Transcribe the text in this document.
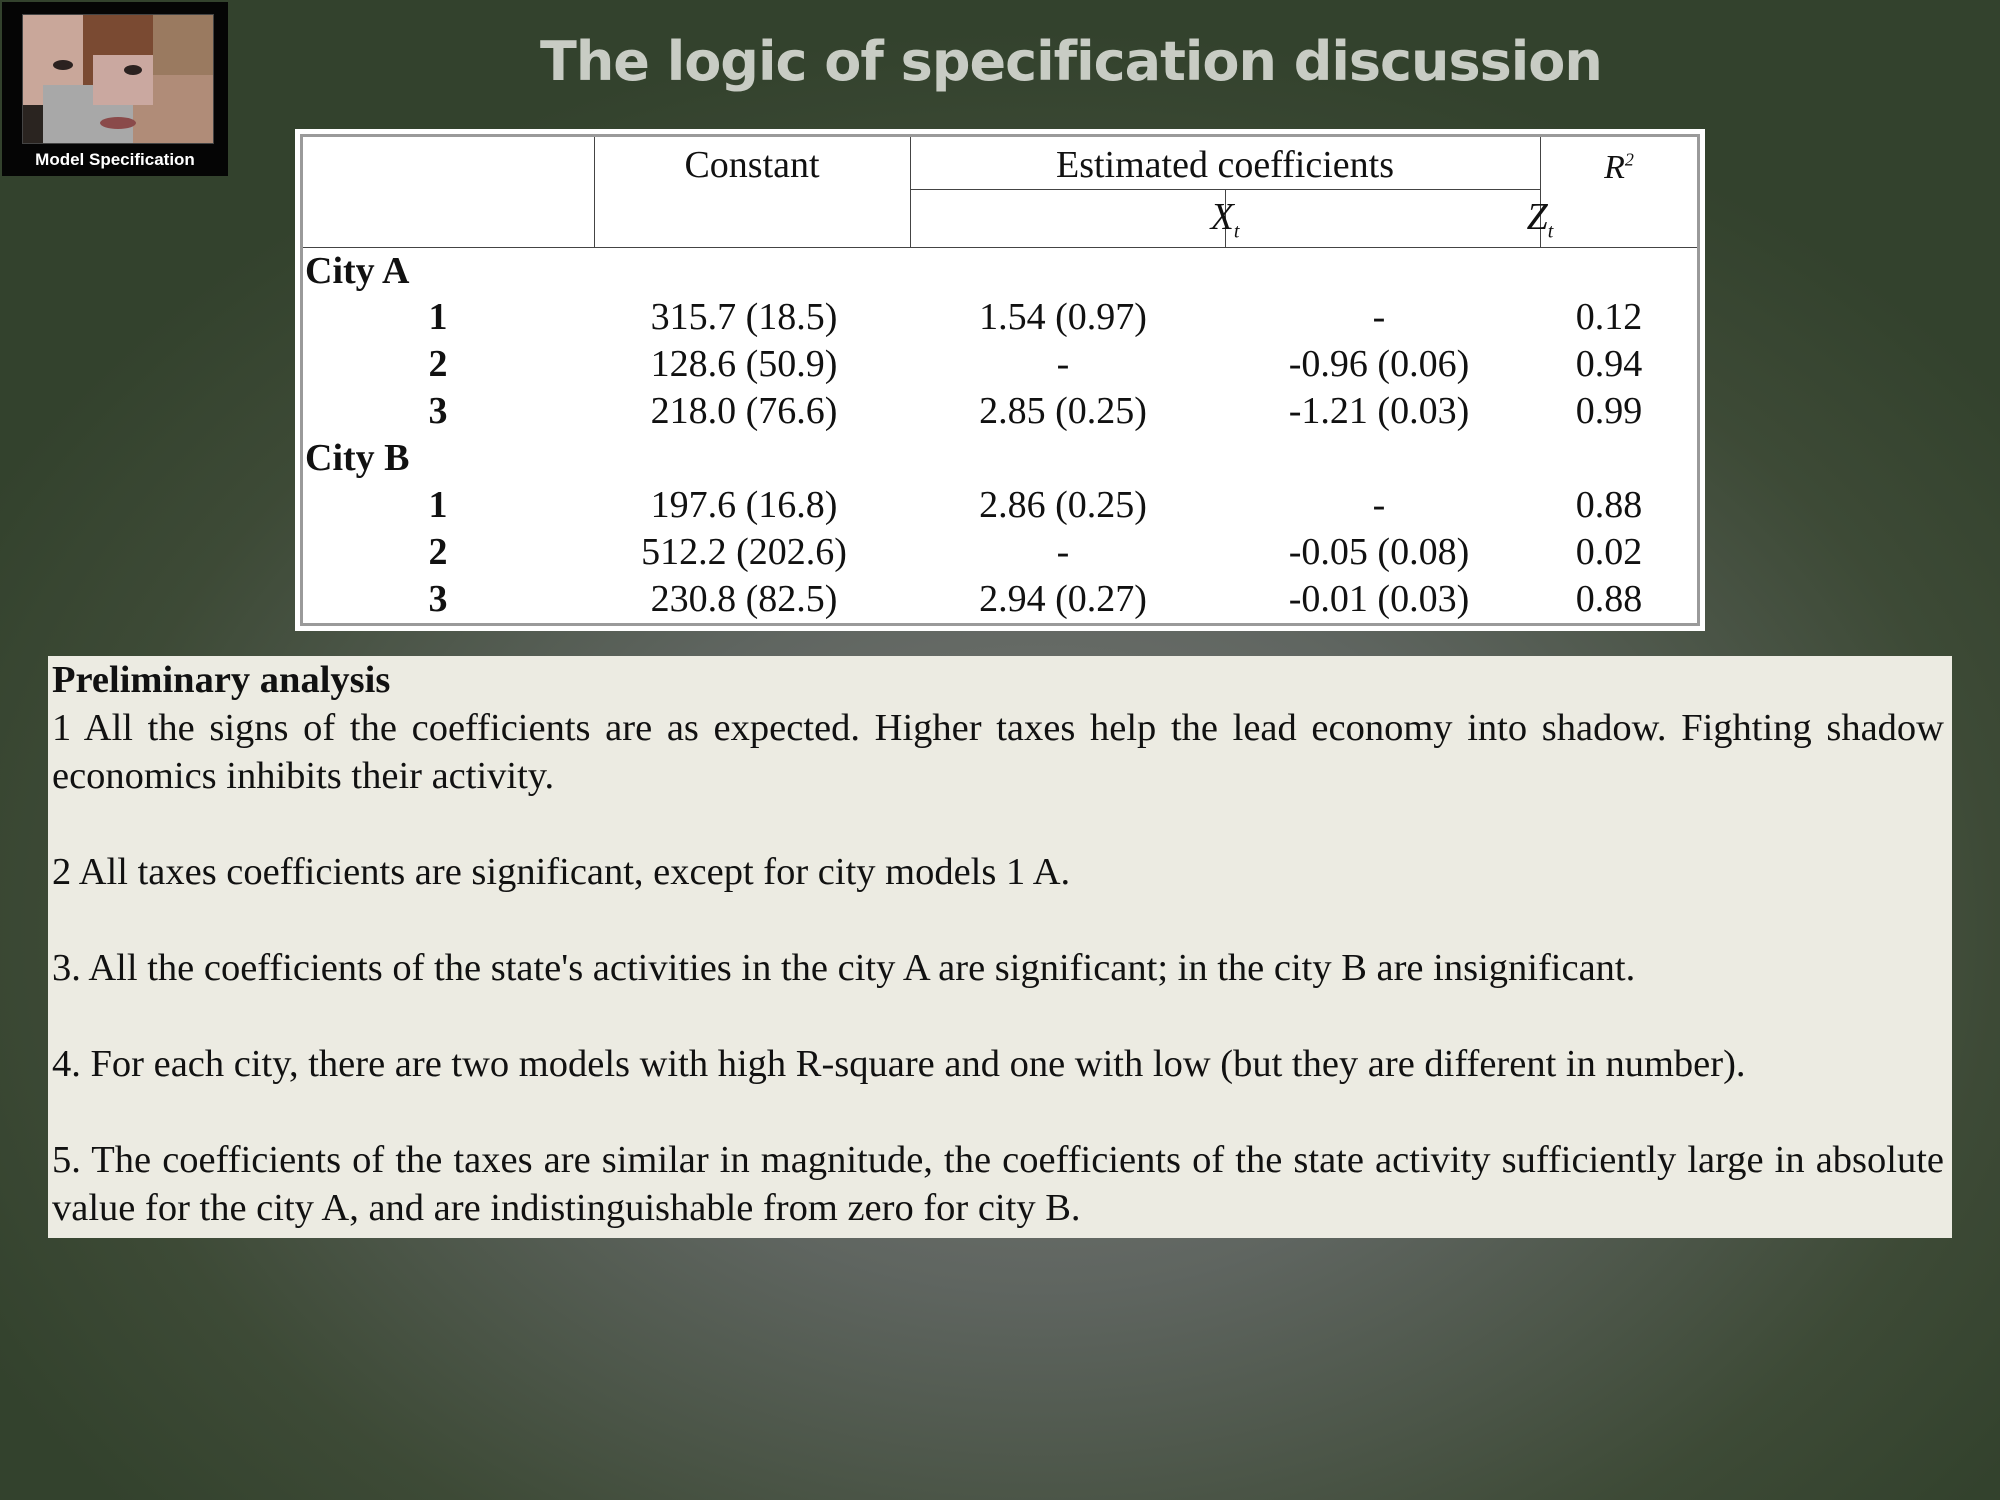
Model Specification
The logic of specification discussion
Constant	Estimated coefficients
$X_t$	$Z_t$
$R^2$
City A
1	315.7 (18.5)	1.54 (0.97)	-	0.12
2	128.6 (50.9)	-	-0.96 (0.06)	0.94
3	218.0 (76.6)	2.85 (0.25)	-1.21 (0.03)	0.99
City B
1	197.6 (16.8)	2.86 (0.25)	-	0.88
2	512.2 (202.6)	-	-0.05 (0.08)	0.02
3	230.8 (82.5)	2.94 (0.27)	-0.01 (0.03)	0.88

Preliminary analysis

1 All the signs of the coefficients are as expected. Higher taxes help the lead economy into shadow. Fighting shadow economics inhibits their activity.

2 All taxes coefficients are significant, except for city models 1 A.

3. All the coefficients of the state's activities in the city A are significant; in the city B are insignificant.

4. For each city, there are two models with high R-square and one with low (but they are different in number).

5. The coefficients of the taxes are similar in magnitude, the coefficients of the state activity sufficiently large in absolute value for the city A, and are indistinguishable from zero for city B.
